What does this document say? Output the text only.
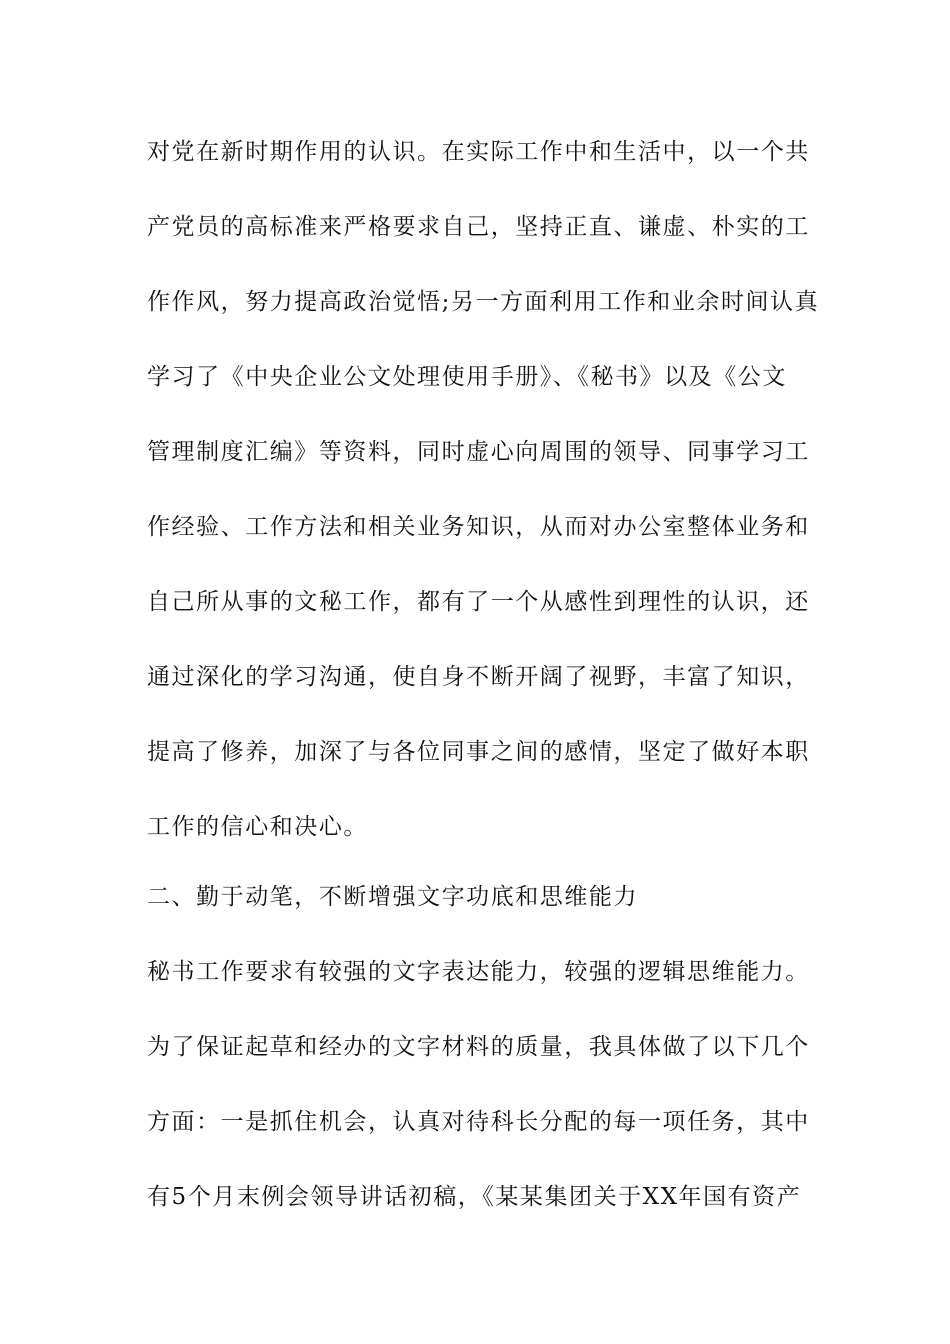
对党在新时期作用的认识。在实际工作中和生活中，以一个共
产党员的高标准来严格要求自己，坚持正直、谦虚、朴实的工
作作风，努力提高政治觉悟;另一方面利用工作和业余时间认真
学习了《中央企业公文处理使用手册》、《秘书》以及《公文
管理制度汇编》等资料，同时虚心向周围的领导、同事学习工
作经验、工作方法和相关业务知识，从而对办公室整体业务和
自己所从事的文秘工作，都有了一个从感性到理性的认识，还
通过深化的学习沟通，使自身不断开阔了视野，丰富了知识，
提高了修养，加深了与各位同事之间的感情，坚定了做好本职
工作的信心和决心。
二、勤于动笔，不断增强文字功底和思维能力
秘书工作要求有较强的文字表达能力，较强的逻辑思维能力。
为了保证起草和经办的文字材料的质量，我具体做了以下几个
方面：一是抓住机会，认真对待科长分配的每一项任务，其中
有5个月末例会领导讲话初稿，《某某集团关于XX年国有资产
